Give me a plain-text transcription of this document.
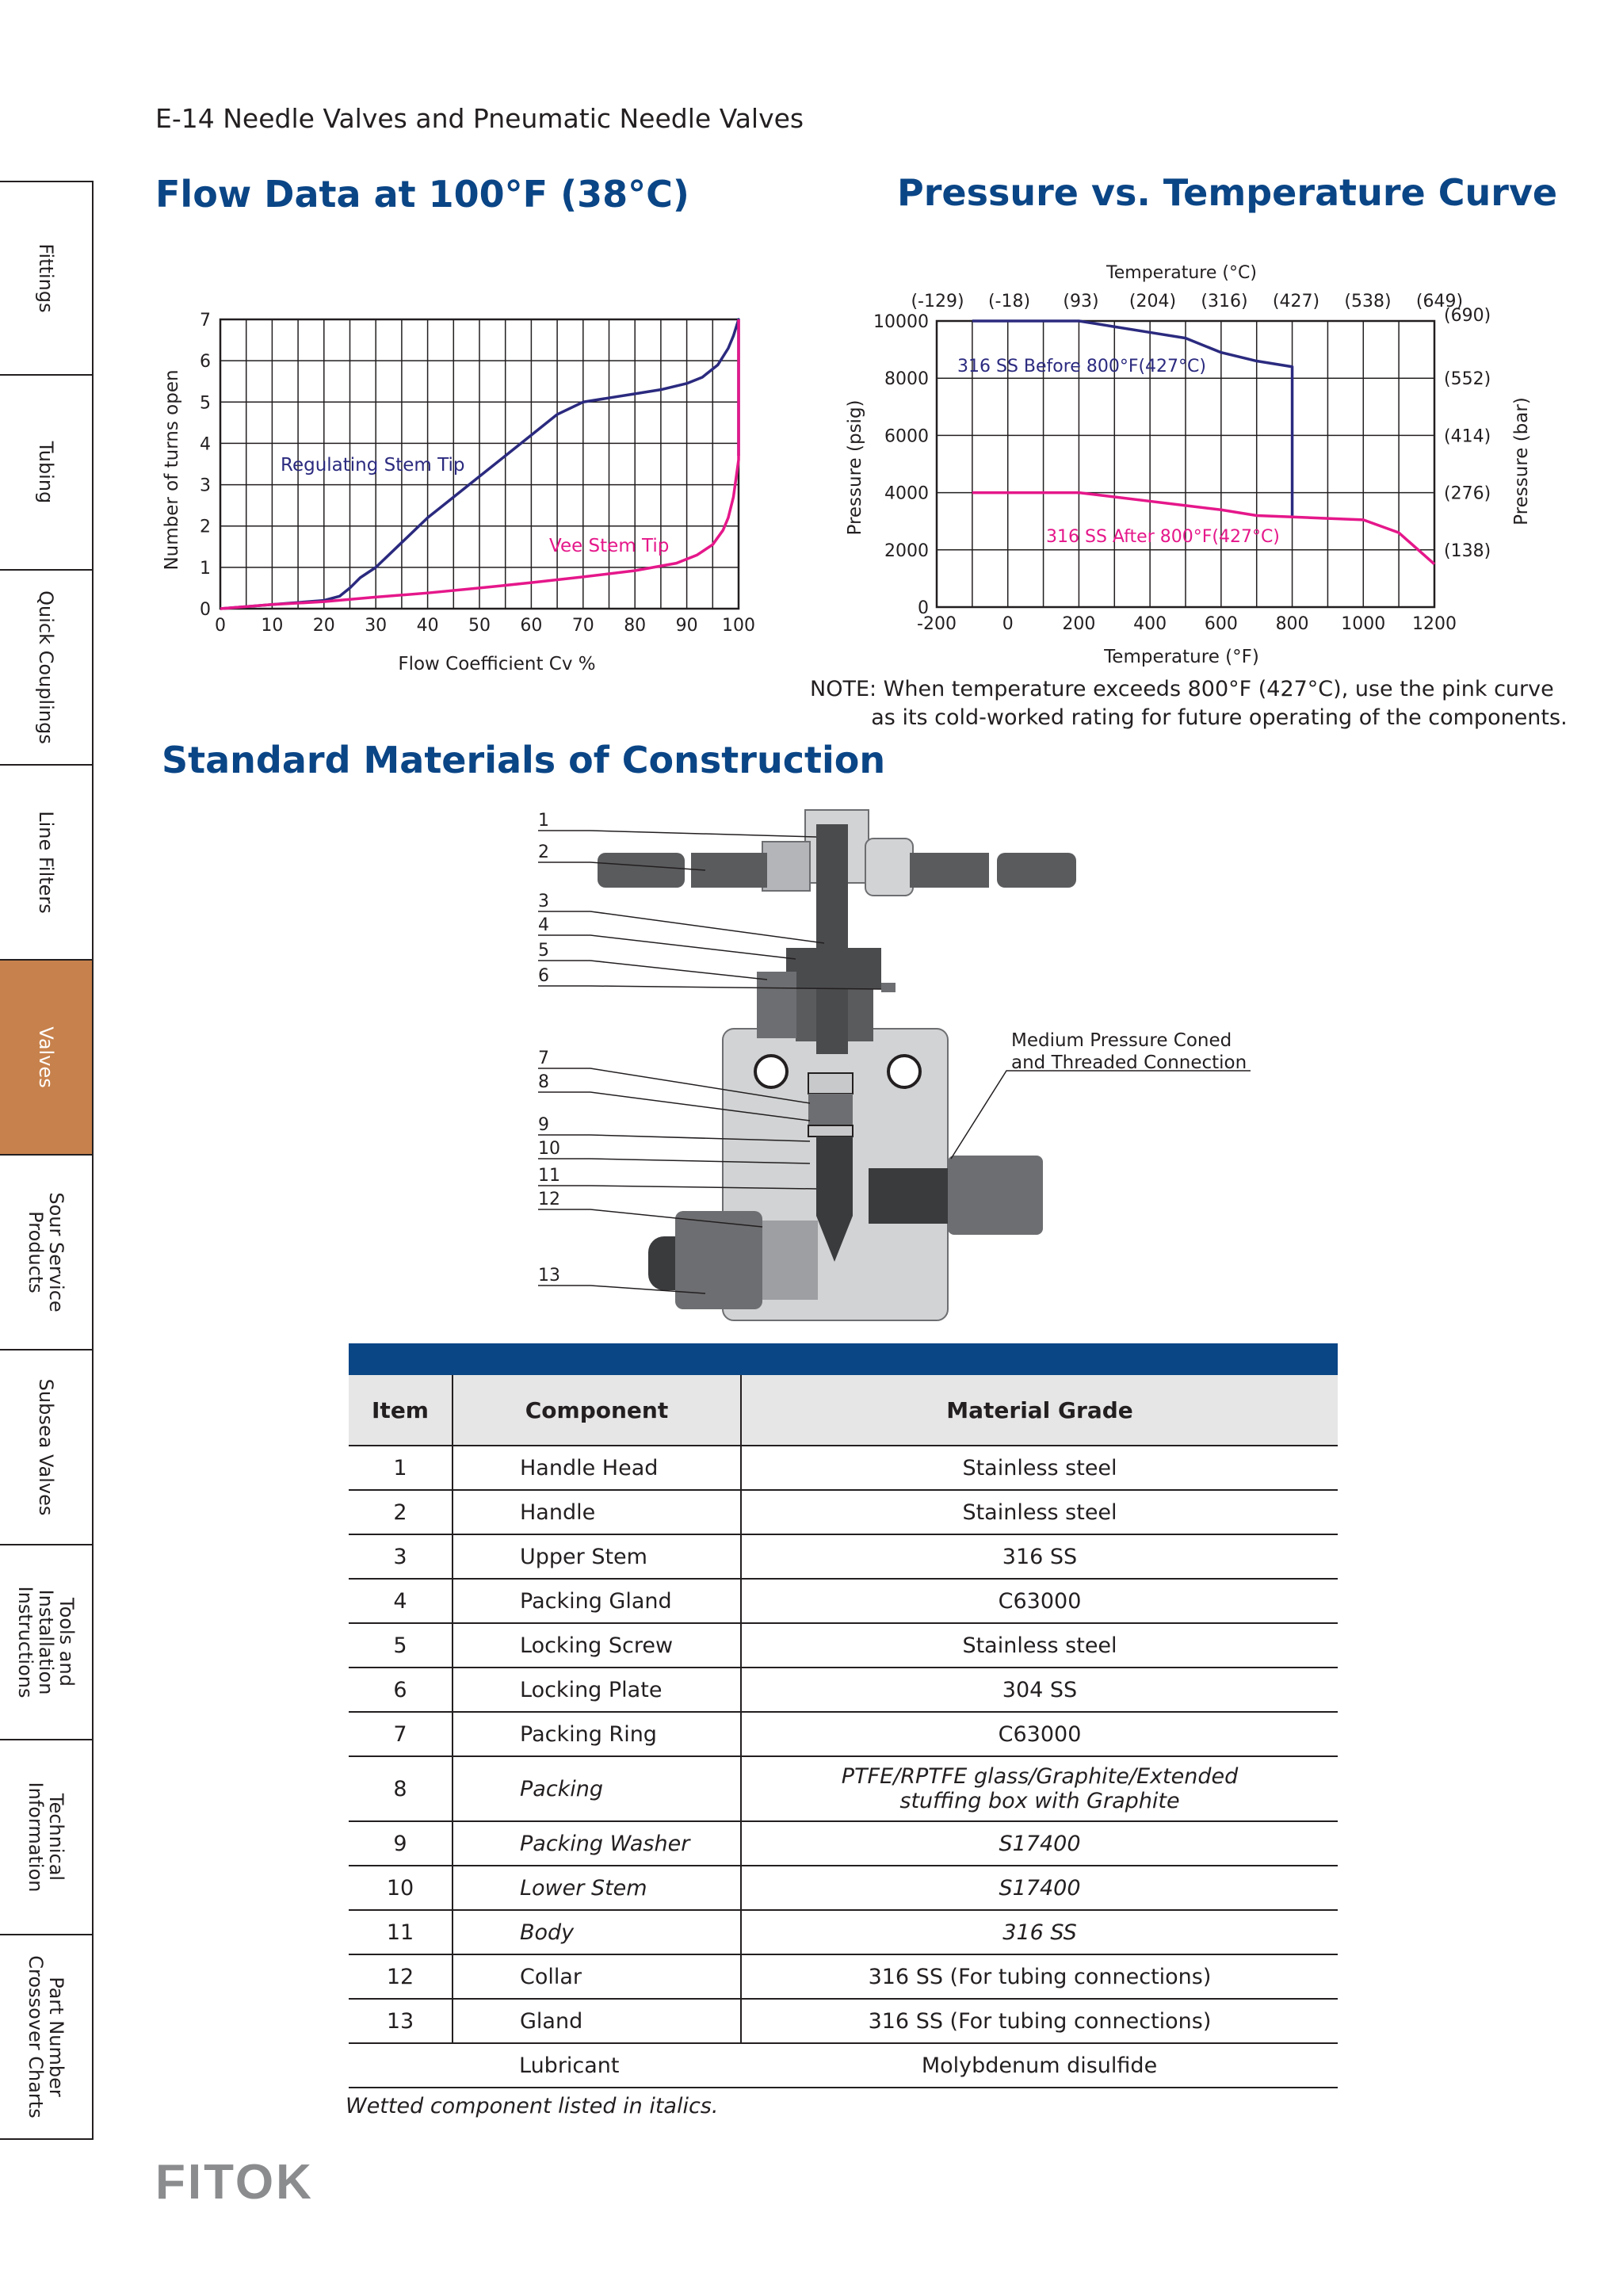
E-14 Needle Valves and Pneumatic Needle Valves
Fittings
Tubing
Quick Couplings
Line Filters
Valves
Sour Service
Products
Subsea Valves
Tools and
Installation
Instructions
Technical
Information
Part Number
Crossover Charts
Flow Data at 100°F (38°C)	Pressure vs. Temperature Curve
Standard Materials of Construction
0 10 20 30 40 50 60 70 80 90 100
0
1
2
3
4
5
6
7
Flow Coefficient Cv %
Number of turns open	Regulating Stem Tip
Vee Stem Tip
-200	0	200 400 600 800 1000 1200
0
2000
4000
6000
8000
10000
(-129) (-18) (93) (204) (316) (427) (538) (649)
(138)
(276)
(414)
(552)
(690)
Temperature (°C)
Temperature (°F)
Pressure (psig)	Pressure (bar)
316 SS Before 800°F(427°C)
316 SS After 800°F(427°C)
NOTE: When temperature exceeds 800°F (427°C), use the pink curve
as its cold-worked rating for future operating of the components.
1
2
3
4
5
6
7
8
9
10
11
12
13
Medium Pressure Coned
and Threaded Connection
Item	Component	Material Grade
1	Handle Head	Stainless steel
2	Handle	Stainless steel
3	Upper Stem	316 SS
4	Packing Gland	C63000
5	Locking Screw	Stainless steel
6	Locking Plate	304 SS
7	Packing Ring	C63000
8	Packing	PTFE/RPTFE glass/Graphite/Extended
stuffing box with Graphite
9	Packing Washer	S17400
10	Lower Stem	S17400
11	Body	316 SS
12	Collar	316 SS (For tubing connections)
13	Gland	316 SS (For tubing connections)
	Lubricant	Molybdenum disulfide
Wetted component listed in italics.
FITOK
